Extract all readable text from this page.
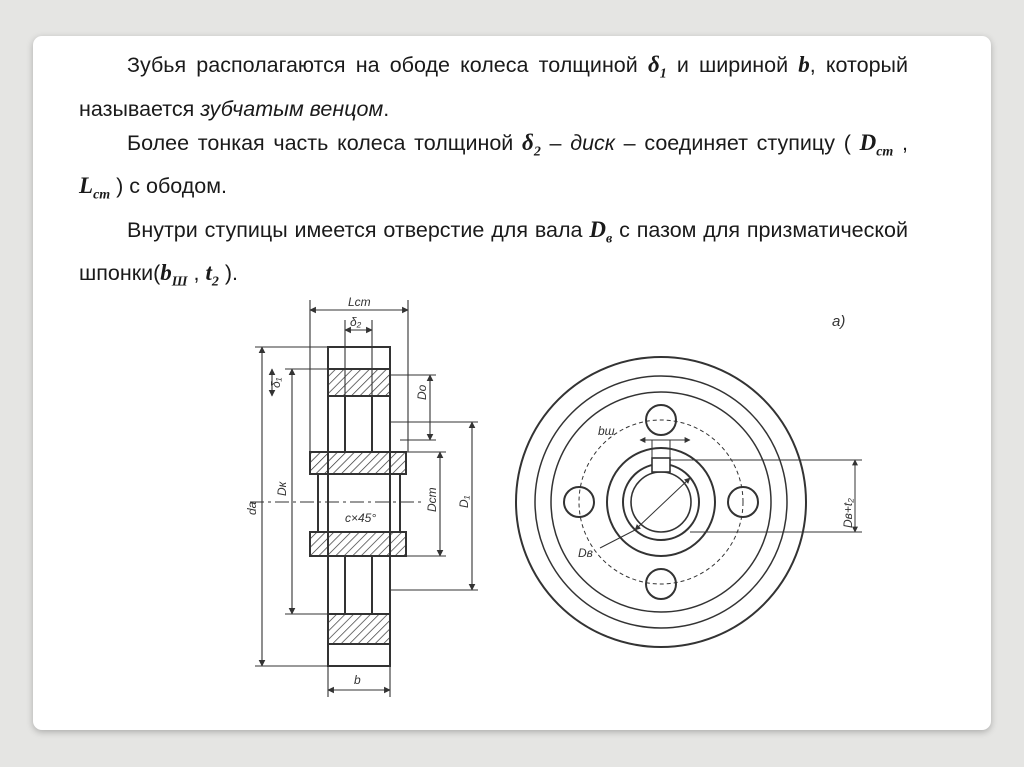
Зубья располагаются на ободе колеса толщиной $\delta_1$ и шириной b, который называется зубчатым венцом.

Более тонкая часть колеса толщиной $\delta_2$ – диск – соединяет ступицу ( $D_{cm}$ , $L_{cm}$ ) с ободом.

Внутри ступицы имеется отверстие для вала $D_в$ с пазом для призматической $шпонки(b_Ш$ , $t_2$ ).

Lст
δ₂
δ₁
Dо
dа
Dк	Dст D₁
c×45°
b
bш
Dв
Dв+t₂
a)
